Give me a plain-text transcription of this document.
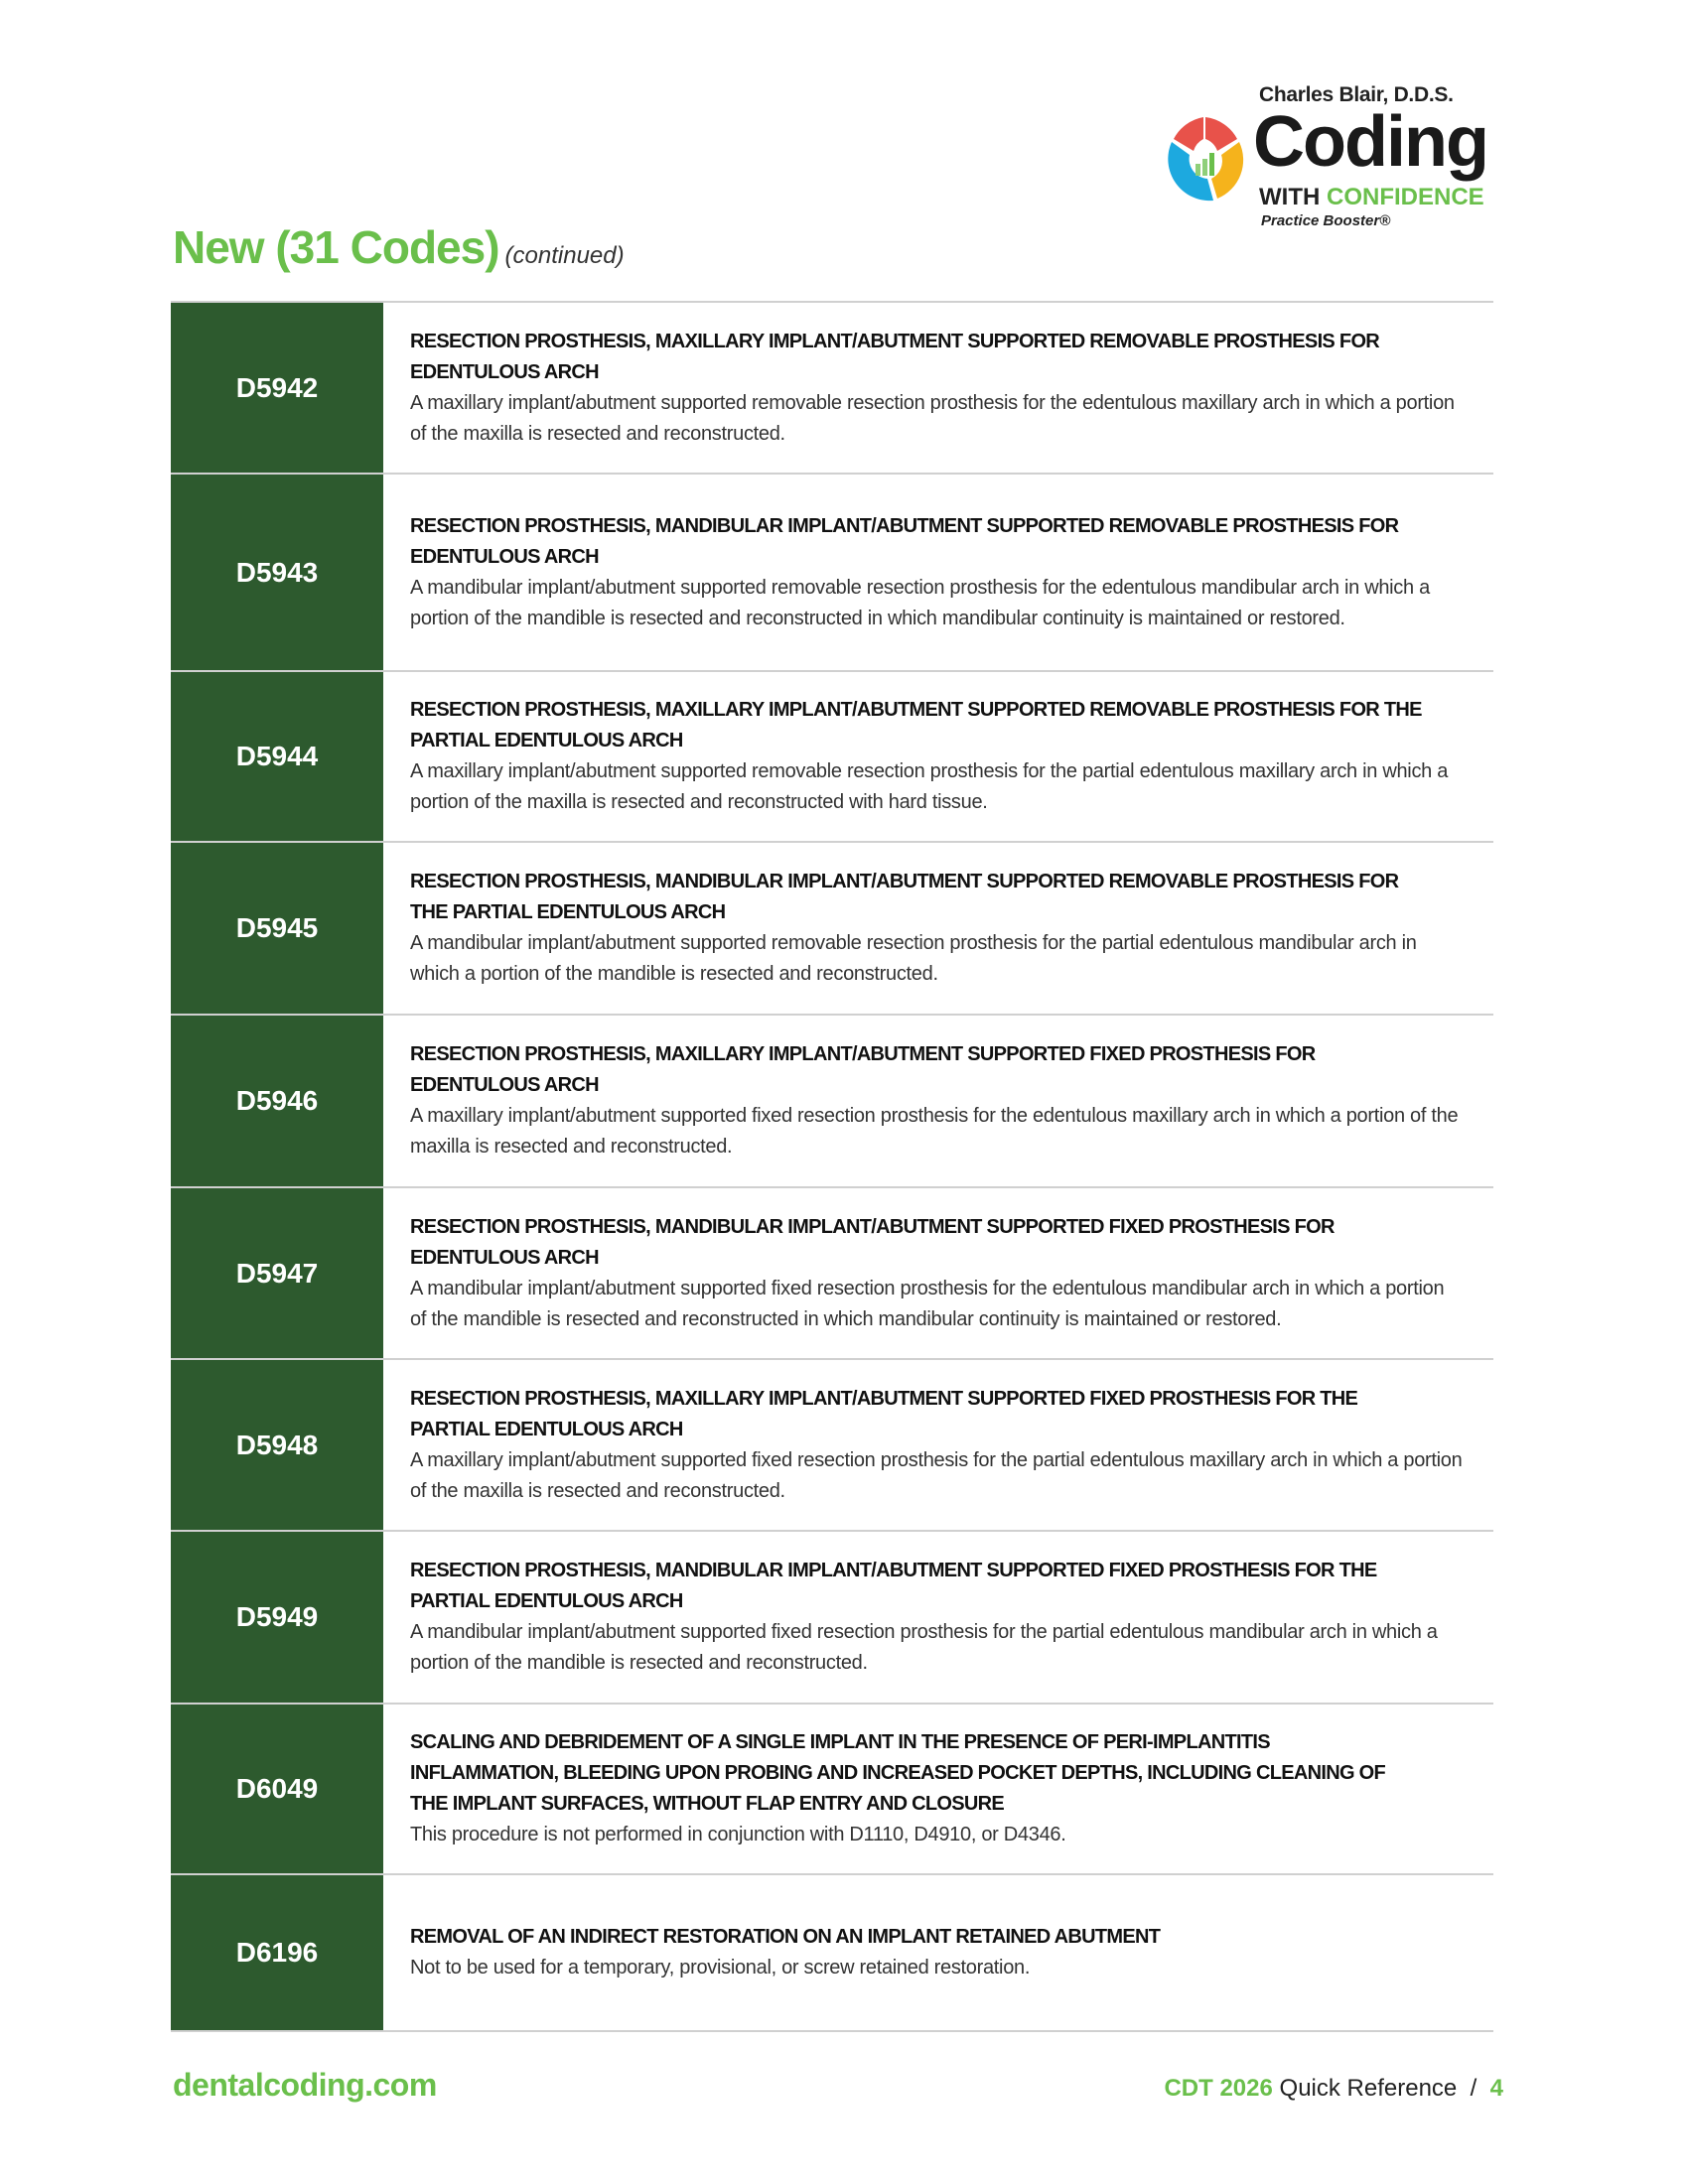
Charles Blair, D.D.S.
Coding
WITH CONFIDENCE
Practice Booster®
New (31 Codes) (continued)
D5942
RESECTION PROSTHESIS, MAXILLARY IMPLANT/ABUTMENT SUPPORTED REMOVABLE PROSTHESIS FOR EDENTULOUS ARCH
A maxillary implant/abutment supported removable resection prosthesis for the edentulous maxillary arch in which a portion of the maxilla is resected and reconstructed.
D5943
RESECTION PROSTHESIS, MANDIBULAR IMPLANT/ABUTMENT SUPPORTED REMOVABLE PROSTHESIS FOR EDENTULOUS ARCH
A mandibular implant/abutment supported removable resection prosthesis for the edentulous mandibular arch in which a portion of the mandible is resected and reconstructed in which mandibular continuity is maintained or restored.
D5944
RESECTION PROSTHESIS, MAXILLARY IMPLANT/ABUTMENT SUPPORTED REMOVABLE PROSTHESIS FOR THE PARTIAL EDENTULOUS ARCH
A maxillary implant/abutment supported removable resection prosthesis for the partial edentulous maxillary arch in which a portion of the maxilla is resected and reconstructed with hard tissue.
D5945
RESECTION PROSTHESIS, MANDIBULAR IMPLANT/ABUTMENT SUPPORTED REMOVABLE PROSTHESIS FOR THE PARTIAL EDENTULOUS ARCH
A mandibular implant/abutment supported removable resection prosthesis for the partial edentulous mandibular arch in which a portion of the mandible is resected and reconstructed.
D5946
RESECTION PROSTHESIS, MAXILLARY IMPLANT/ABUTMENT SUPPORTED FIXED PROSTHESIS FOR EDENTULOUS ARCH
A maxillary implant/abutment supported fixed resection prosthesis for the edentulous maxillary arch in which a portion of the maxilla is resected and reconstructed.
D5947
RESECTION PROSTHESIS, MANDIBULAR IMPLANT/ABUTMENT SUPPORTED FIXED PROSTHESIS FOR EDENTULOUS ARCH
A mandibular implant/abutment supported fixed resection prosthesis for the edentulous mandibular arch in which a portion of the mandible is resected and reconstructed in which mandibular continuity is maintained or restored.
D5948
RESECTION PROSTHESIS, MAXILLARY IMPLANT/ABUTMENT SUPPORTED FIXED PROSTHESIS FOR THE PARTIAL EDENTULOUS ARCH
A maxillary implant/abutment supported fixed resection prosthesis for the partial edentulous maxillary arch in which a portion of the maxilla is resected and reconstructed.
D5949
RESECTION PROSTHESIS, MANDIBULAR IMPLANT/ABUTMENT SUPPORTED FIXED PROSTHESIS FOR THE PARTIAL EDENTULOUS ARCH
A mandibular implant/abutment supported fixed resection prosthesis for the partial edentulous mandibular arch in which a portion of the mandible is resected and reconstructed.
D6049
SCALING AND DEBRIDEMENT OF A SINGLE IMPLANT IN THE PRESENCE OF PERI-IMPLANTITIS INFLAMMATION, BLEEDING UPON PROBING AND INCREASED POCKET DEPTHS, INCLUDING CLEANING OF THE IMPLANT SURFACES, WITHOUT FLAP ENTRY AND CLOSURE
This procedure is not performed in conjunction with D1110, D4910, or D4346.
D6196	REMOVAL OF AN INDIRECT RESTORATION ON AN IMPLANT RETAINED ABUTMENT
Not to be used for a temporary, provisional, or screw retained restoration.
dentalcoding.com	CDT 2026 Quick Reference / 4
